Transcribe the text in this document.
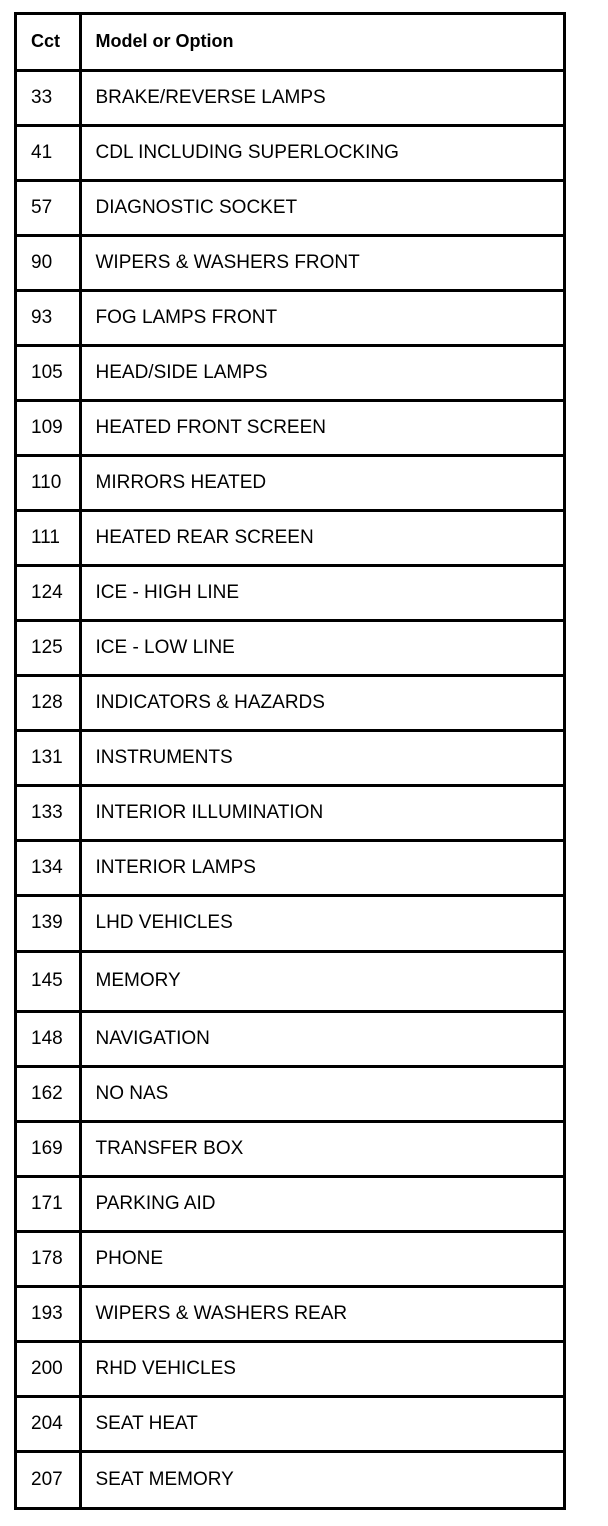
Cct	Model or Option
33	BRAKE/REVERSE LAMPS
41	CDL INCLUDING SUPERLOCKING
57	DIAGNOSTIC SOCKET
90	WIPERS & WASHERS FRONT
93	FOG LAMPS FRONT
105	HEAD/SIDE LAMPS
109	HEATED FRONT SCREEN
110	MIRRORS HEATED
111	HEATED REAR SCREEN
124	ICE - HIGH LINE
125	ICE - LOW LINE
128	INDICATORS & HAZARDS
131	INSTRUMENTS
133	INTERIOR ILLUMINATION
134	INTERIOR LAMPS
139	LHD VEHICLES
145	MEMORY
148	NAVIGATION
162	NO NAS
169	TRANSFER BOX
171	PARKING AID
178	PHONE
193	WIPERS & WASHERS REAR
200	RHD VEHICLES
204	SEAT HEAT
207	SEAT MEMORY
